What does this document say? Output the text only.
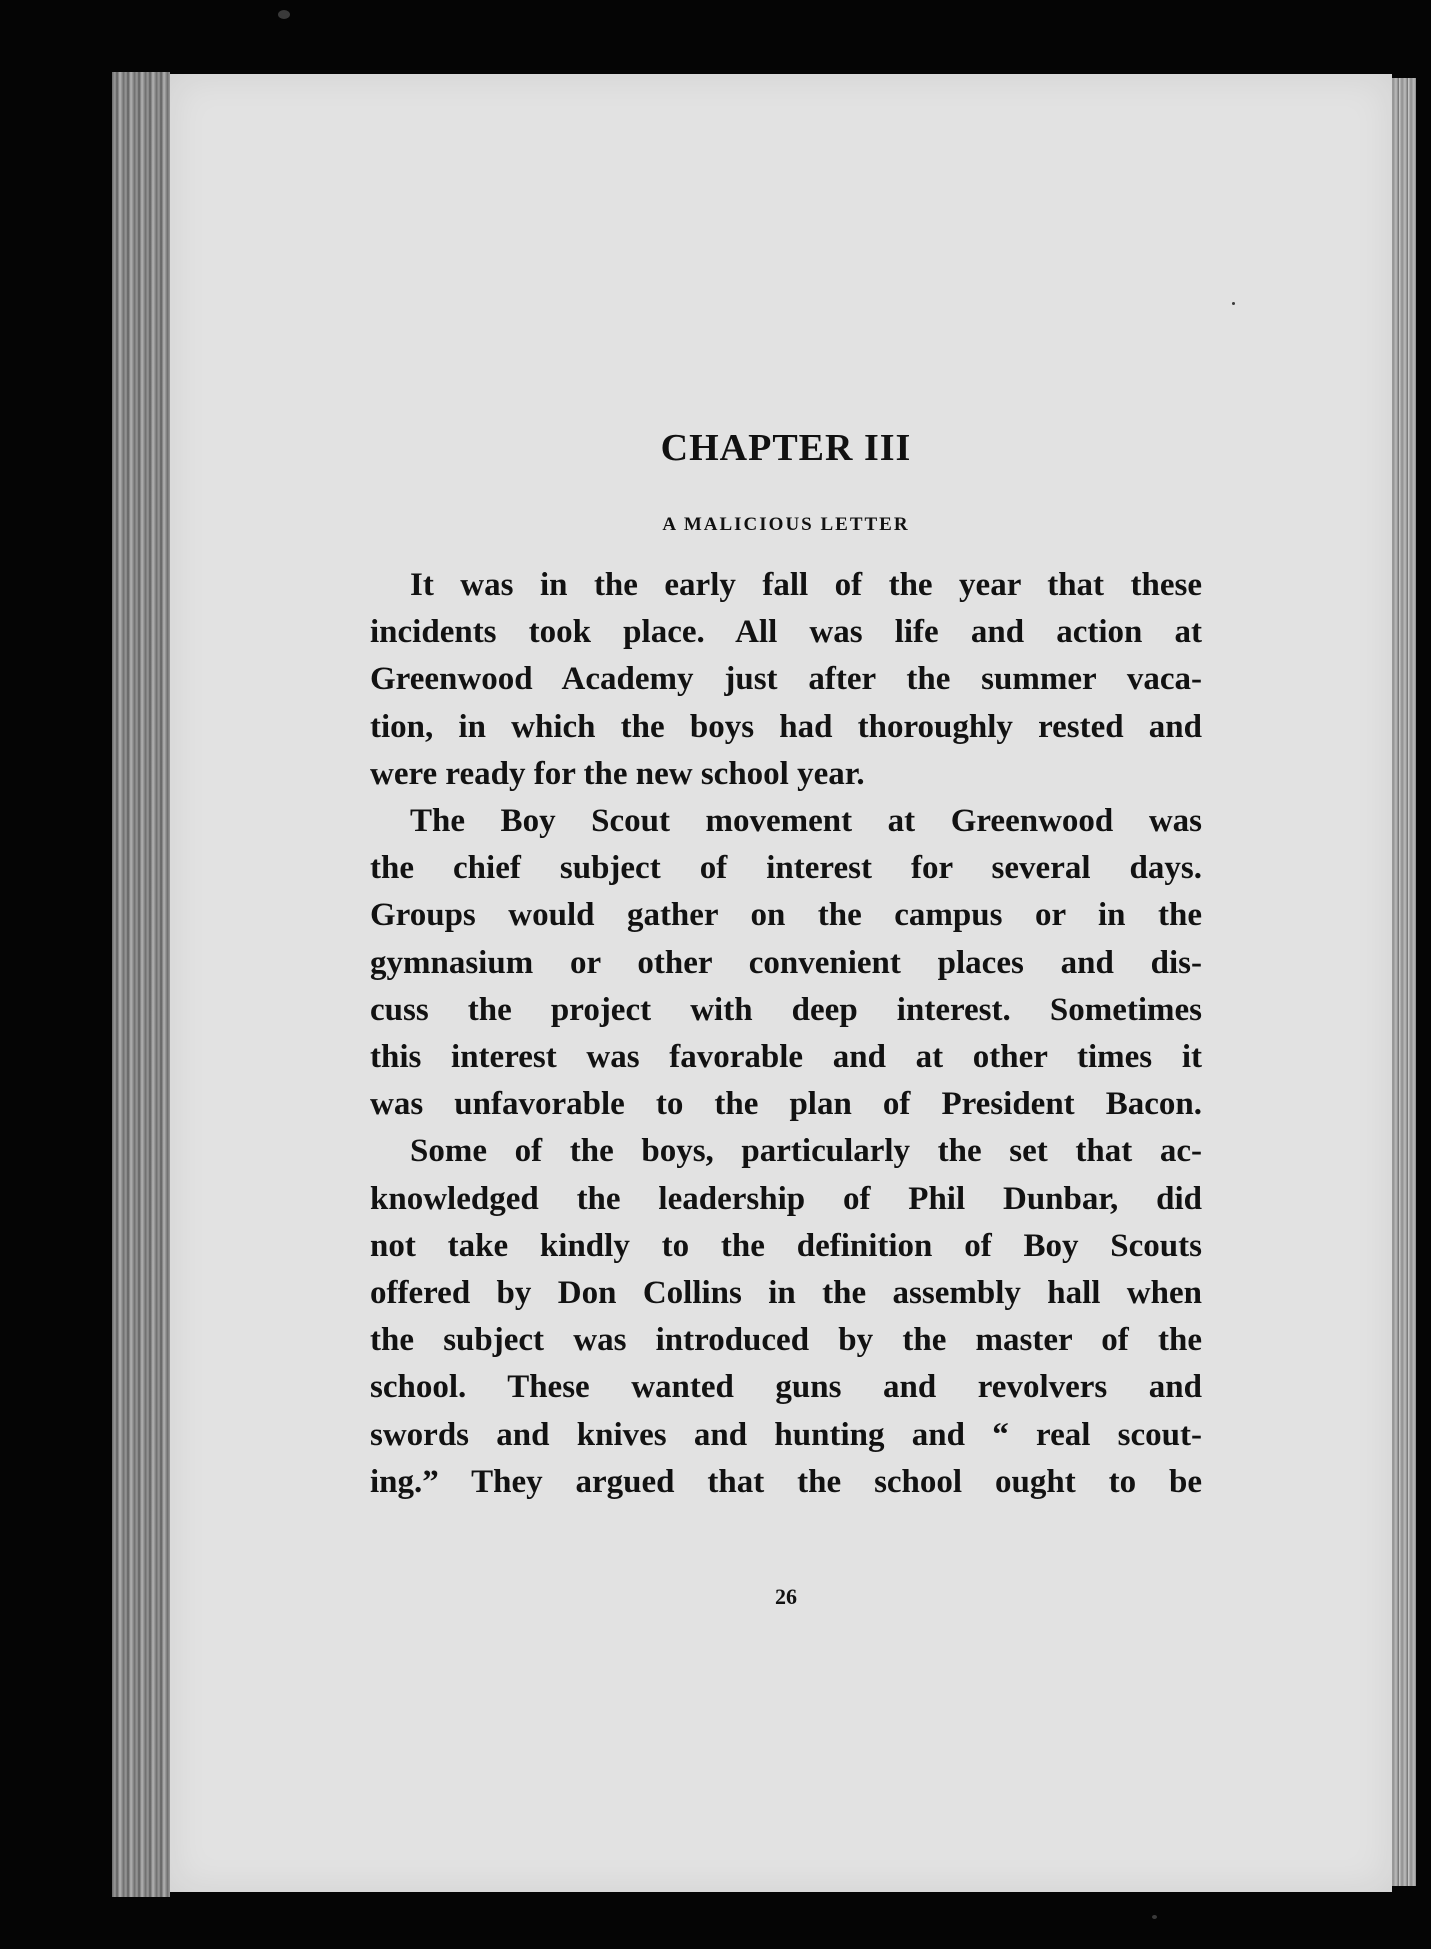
CHAPTER III
A MALICIOUS LETTER
It was in the early fall of the year that these
incidents took place. All was life and action at
Greenwood Academy just after the summer vaca-
tion, in which the boys had thoroughly rested and
were ready for the new school year.
The Boy Scout movement at Greenwood was
the chief subject of interest for several days.
Groups would gather on the campus or in the
gymnasium or other convenient places and dis-
cuss the project with deep interest. Sometimes
this interest was favorable and at other times it
was unfavorable to the plan of President Bacon.
Some of the boys, particularly the set that ac-
knowledged the leadership of Phil Dunbar, did
not take kindly to the definition of Boy Scouts
offered by Don Collins in the assembly hall when
the subject was introduced by the master of the
school. These wanted guns and revolvers and
swords and knives and hunting and “ real scout-
ing.” They argued that the school ought to be

26
